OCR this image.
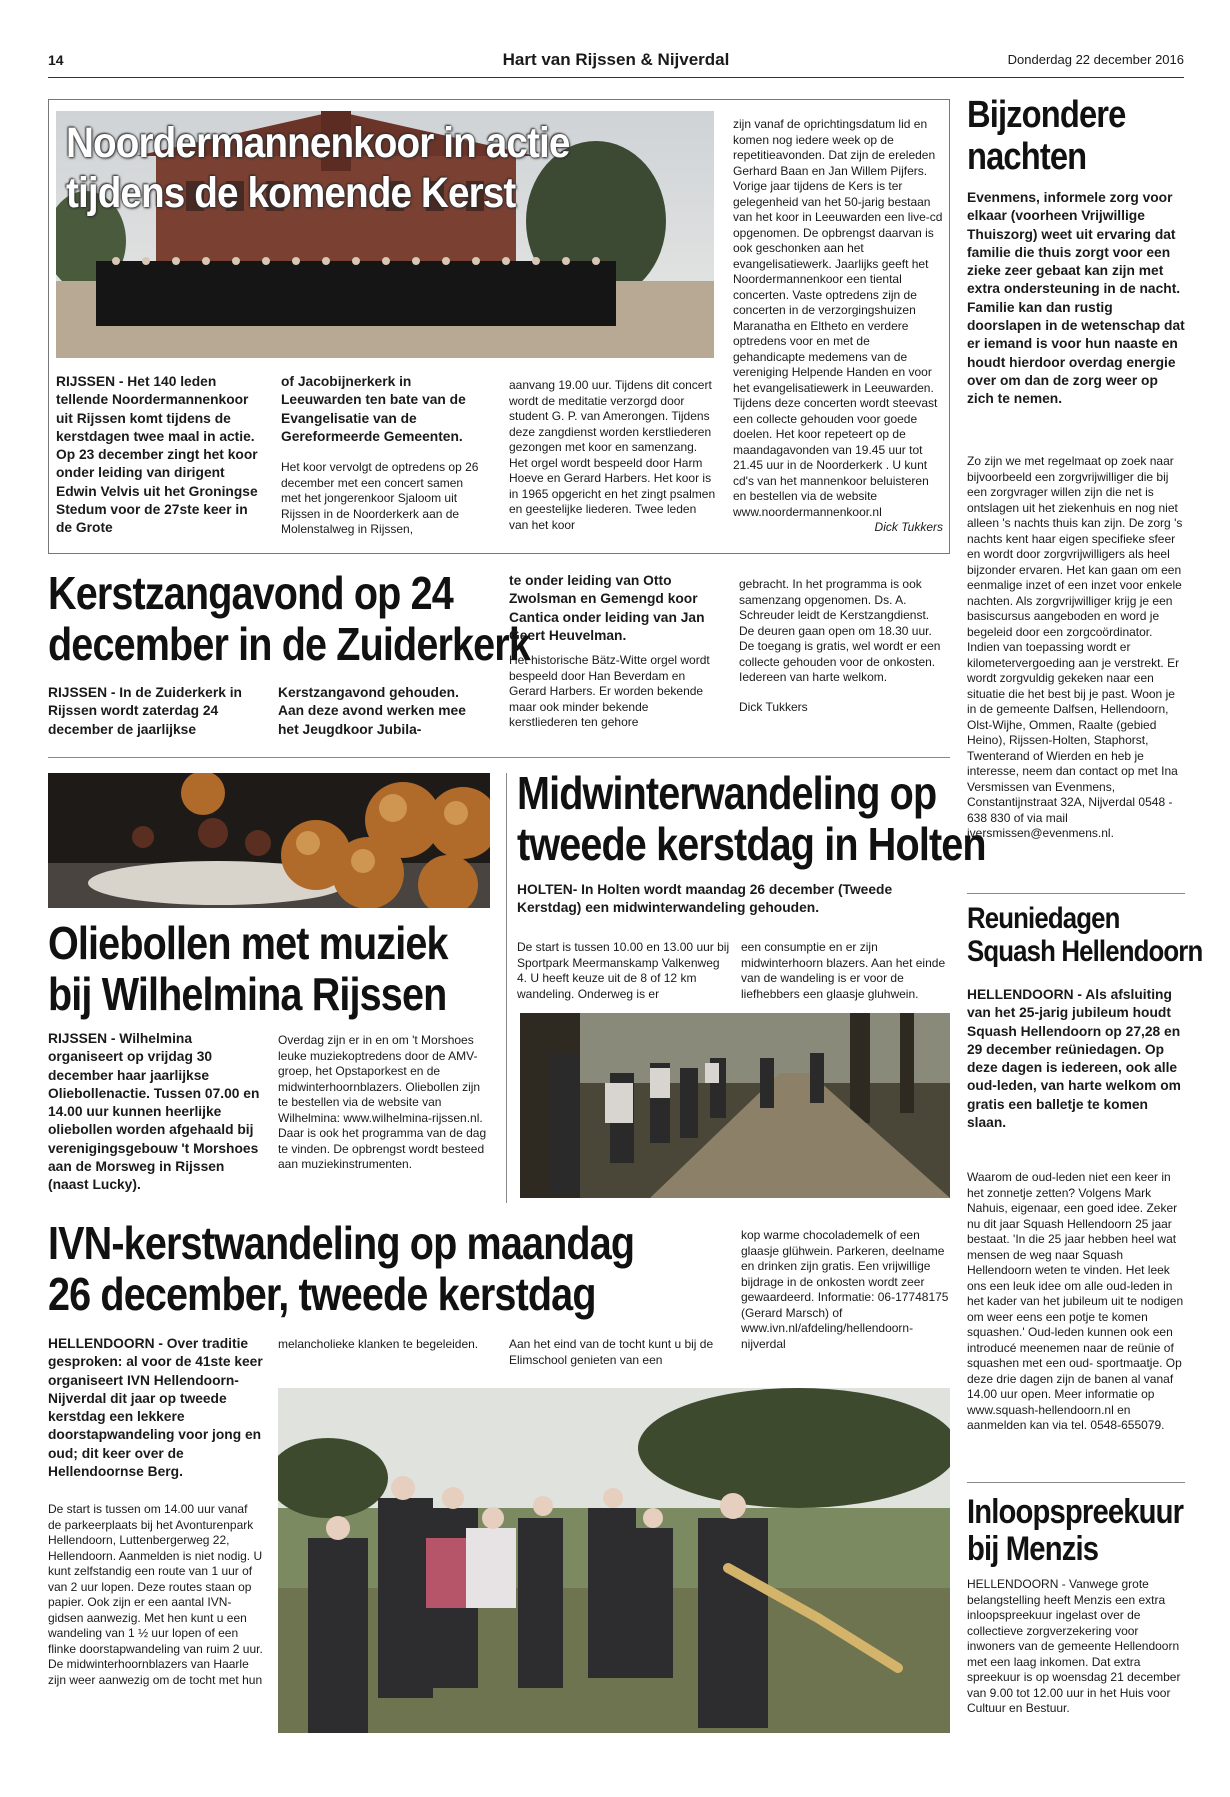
14	Hart van Rijssen & Nijverdal	Donderdag 22 december 2016
Noordermannenkoor in actie
tijdens de komende Kerst
RIJSSEN - Het 140 leden tellende Noordermannenkoor uit Rijssen komt tijdens de kerstdagen twee maal in actie. Op 23 december zingt het koor onder leiding van dirigent Edwin Velvis uit het Groningse Stedum voor de 27ste keer in de Grote
of Jacobijnerkerk in Leeuwarden ten bate van de Evangelisatie van de Gereformeerde Gemeenten.
Het koor vervolgt de optredens op 26 december met een concert samen met het jongerenkoor Sjaloom uit Rijssen in de Noorderkerk aan de Molenstalweg in Rijssen,
aanvang 19.00 uur. Tijdens dit concert wordt de meditatie verzorgd door student G. P. van Amerongen. Tijdens deze zangdienst worden kerstliederen gezongen met koor en samenzang. Het orgel wordt bespeeld door Harm Hoeve en Gerard Harbers. Het koor is in 1965 opgericht en het zingt psalmen en geestelijke liederen. Twee leden van het koor
zijn vanaf de oprichtingsdatum lid en komen nog iedere week op de repetitieavonden. Dat zijn de ereleden Gerhard Baan en Jan Willem Pijfers. Vorige jaar tijdens de Kers is ter gelegenheid van het 50-jarig bestaan van het koor in Leeuwarden een live-cd opgenomen. De opbrengst daarvan is ook geschonken aan het evangelisatiewerk. Jaarlijks geeft het Noordermannenkoor een tiental concerten. Vaste optredens zijn de concerten in de verzorgingshuizen Maranatha en Eltheto en verdere optredens voor en met de gehandicapte medemens van de vereniging Helpende Handen en voor het evangelisatiewerk in Leeuwarden. Tijdens deze concerten wordt steevast een collecte gehouden voor goede doelen. Het koor repeteert op de maandagavonden van 19.45 uur tot 21.45 uur in de Noorderkerk . U kunt cd's van het mannenkoor beluisteren en bestellen via de website www.noordermannenkoor.nl
Dick Tukkers
Kerstzangavond op 24
december in de Zuiderkerk
RIJSSEN - In de Zuiderkerk in Rijssen wordt zaterdag 24 december de jaarlijkse
Kerstzangavond gehouden. Aan deze avond werken mee het Jeugdkoor Jubila-
te onder leiding van Otto Zwolsman en Gemengd koor Cantica onder leiding van Jan Geert Heuvelman.
Het historische Bätz-Witte orgel wordt bespeeld door Han Beverdam en Gerard Harbers. Er worden bekende maar ook minder bekende kerstliederen ten gehore
gebracht. In het programma is ook samenzang opgenomen. Ds. A. Schreuder leidt de Kerstzangdienst. De deuren gaan open om 18.30 uur. De toegang is gratis, wel wordt er een collecte gehouden voor de onkosten. Iedereen van harte welkom.
Dick Tukkers
Oliebollen met muziek
bij Wilhelmina Rijssen
RIJSSEN - Wilhelmina organiseert op vrijdag 30 december haar jaarlijkse Oliebollenactie. Tussen 07.00 en 14.00 uur kunnen heerlijke oliebollen worden afgehaald bij verenigingsgebouw 't Morshoes aan de Morsweg in Rijssen (naast Lucky).
Overdag zijn er in en om 't Morshoes leuke muziekoptredens door de AMV-groep, het Opstaporkest en de midwinterhoornblazers. Oliebollen zijn te bestellen via de website van Wilhelmina: www.wilhelmina-rijssen.nl. Daar is ook het programma van de dag te vinden. De opbrengst wordt besteed aan muziekinstrumenten.
Midwinterwandeling op
tweede kerstdag in Holten
HOLTEN- In Holten wordt maandag 26 december (Tweede Kerstdag) een midwinterwandeling gehouden.
De start is tussen 10.00 en 13.00 uur bij Sportpark Meermanskamp Valkenweg 4. U heeft keuze uit de 8 of 12 km wandeling. Onderweg is er
een consumptie en er zijn midwinterhoorn blazers. Aan het einde van de wandeling is er voor de liefhebbers een glaasje gluhwein.
IVN-kerstwandeling op maandag
26 december, tweede kerstdag
HELLENDOORN - Over traditie gesproken: al voor de 41ste keer organiseert IVN Hellendoorn-Nijverdal dit jaar op tweede kerstdag een lekkere doorstapwandeling voor jong en oud; dit keer over de Hellendoornse Berg.
De start is tussen om 14.00 uur vanaf de parkeerplaats bij het Avonturenpark Hellendoorn, Luttenbergerweg 22, Hellendoorn. Aanmelden is niet nodig. U kunt zelfstandig een route van 1 uur of van 2 uur lopen. Deze routes staan op papier. Ook zijn er een aantal IVN-gidsen aanwezig. Met hen kunt u een wandeling van 1 ½ uur lopen of een flinke doorstapwandeling van ruim 2 uur. De midwinterhoornblazers van Haarle zijn weer aanwezig om de tocht met hun
melancholieke klanken te begeleiden.	Aan het eind van de tocht kunt u bij de Elimschool genieten van een
kop warme chocolademelk of een glaasje glühwein. Parkeren, deelname en drinken zijn gratis. Een vrijwillige bijdrage in de onkosten wordt zeer gewaardeerd. Informatie: 06-17748175 (Gerard Marsch) of www.ivn.nl/afdeling/hellendoorn-nijverdal
Bijzondere
nachten
Evenmens, informele zorg voor elkaar (voorheen Vrijwillige Thuiszorg) weet uit ervaring dat familie die thuis zorgt voor een zieke zeer gebaat kan zijn met extra ondersteuning in de nacht. Familie kan dan rustig doorslapen in de wetenschap dat er iemand is voor hun naaste en houdt hierdoor overdag energie over om dan de zorg weer op zich te nemen.
Zo zijn we met regelmaat op zoek naar bijvoorbeeld een zorgvrijwilliger die bij een zorgvrager willen zijn die net is ontslagen uit het ziekenhuis en nog niet alleen 's nachts thuis kan zijn. De zorg 's nachts kent haar eigen specifieke sfeer en wordt door zorgvrijwilligers als heel bijzonder ervaren. Het kan gaan om een eenmalige inzet of een inzet voor enkele nachten. Als zorgvrijwilliger krijg je een basiscursus aangeboden en word je begeleid door een zorgcoördinator. Indien van toepassing wordt er kilometervergoeding aan je verstrekt. Er wordt zorgvuldig gekeken naar een situatie die het best bij je past. Woon je in de gemeente Dalfsen, Hellendoorn, Olst-Wijhe, Ommen, Raalte (gebied Heino), Rijssen-Holten, Staphorst, Twenterand of Wierden en heb je interesse, neem dan contact op met Ina Versmissen van Evenmens, Constantijnstraat 32A, Nijverdal 0548 - 638 830 of via mail iversmissen@evenmens.nl.
Reuniedagen
Squash Hellendoorn
HELLENDOORN - Als afsluiting van het 25-jarig jubileum houdt Squash Hellendoorn op 27,28 en 29 december reüniedagen. Op deze dagen is iedereen, ook alle oud-leden, van harte welkom om gratis een balletje te komen slaan.
Waarom de oud-leden niet een keer in het zonnetje zetten? Volgens Mark Nahuis, eigenaar, een goed idee. Zeker nu dit jaar Squash Hellendoorn 25 jaar bestaat. 'In die 25 jaar hebben heel wat mensen de weg naar Squash Hellendoorn weten te vinden. Het leek ons een leuk idee om alle oud-leden in het kader van het jubileum uit te nodigen om weer eens een potje te komen squashen.' Oud-leden kunnen ook een introducé meenemen naar de reünie of squashen met een oud- sportmaatje. Op deze drie dagen zijn de banen al vanaf 14.00 uur open. Meer informatie op www.squash-hellendoorn.nl en aanmelden kan via tel. 0548-655079.
Inloopspreekuur
bij Menzis
HELLENDOORN - Vanwege grote belangstelling heeft Menzis een extra inloopspreekuur ingelast over de collectieve zorgverzekering voor inwoners van de gemeente Hellendoorn met een laag inkomen. Dat extra spreekuur is op woensdag 21 december van 9.00 tot 12.00 uur in het Huis voor Cultuur en Bestuur.
